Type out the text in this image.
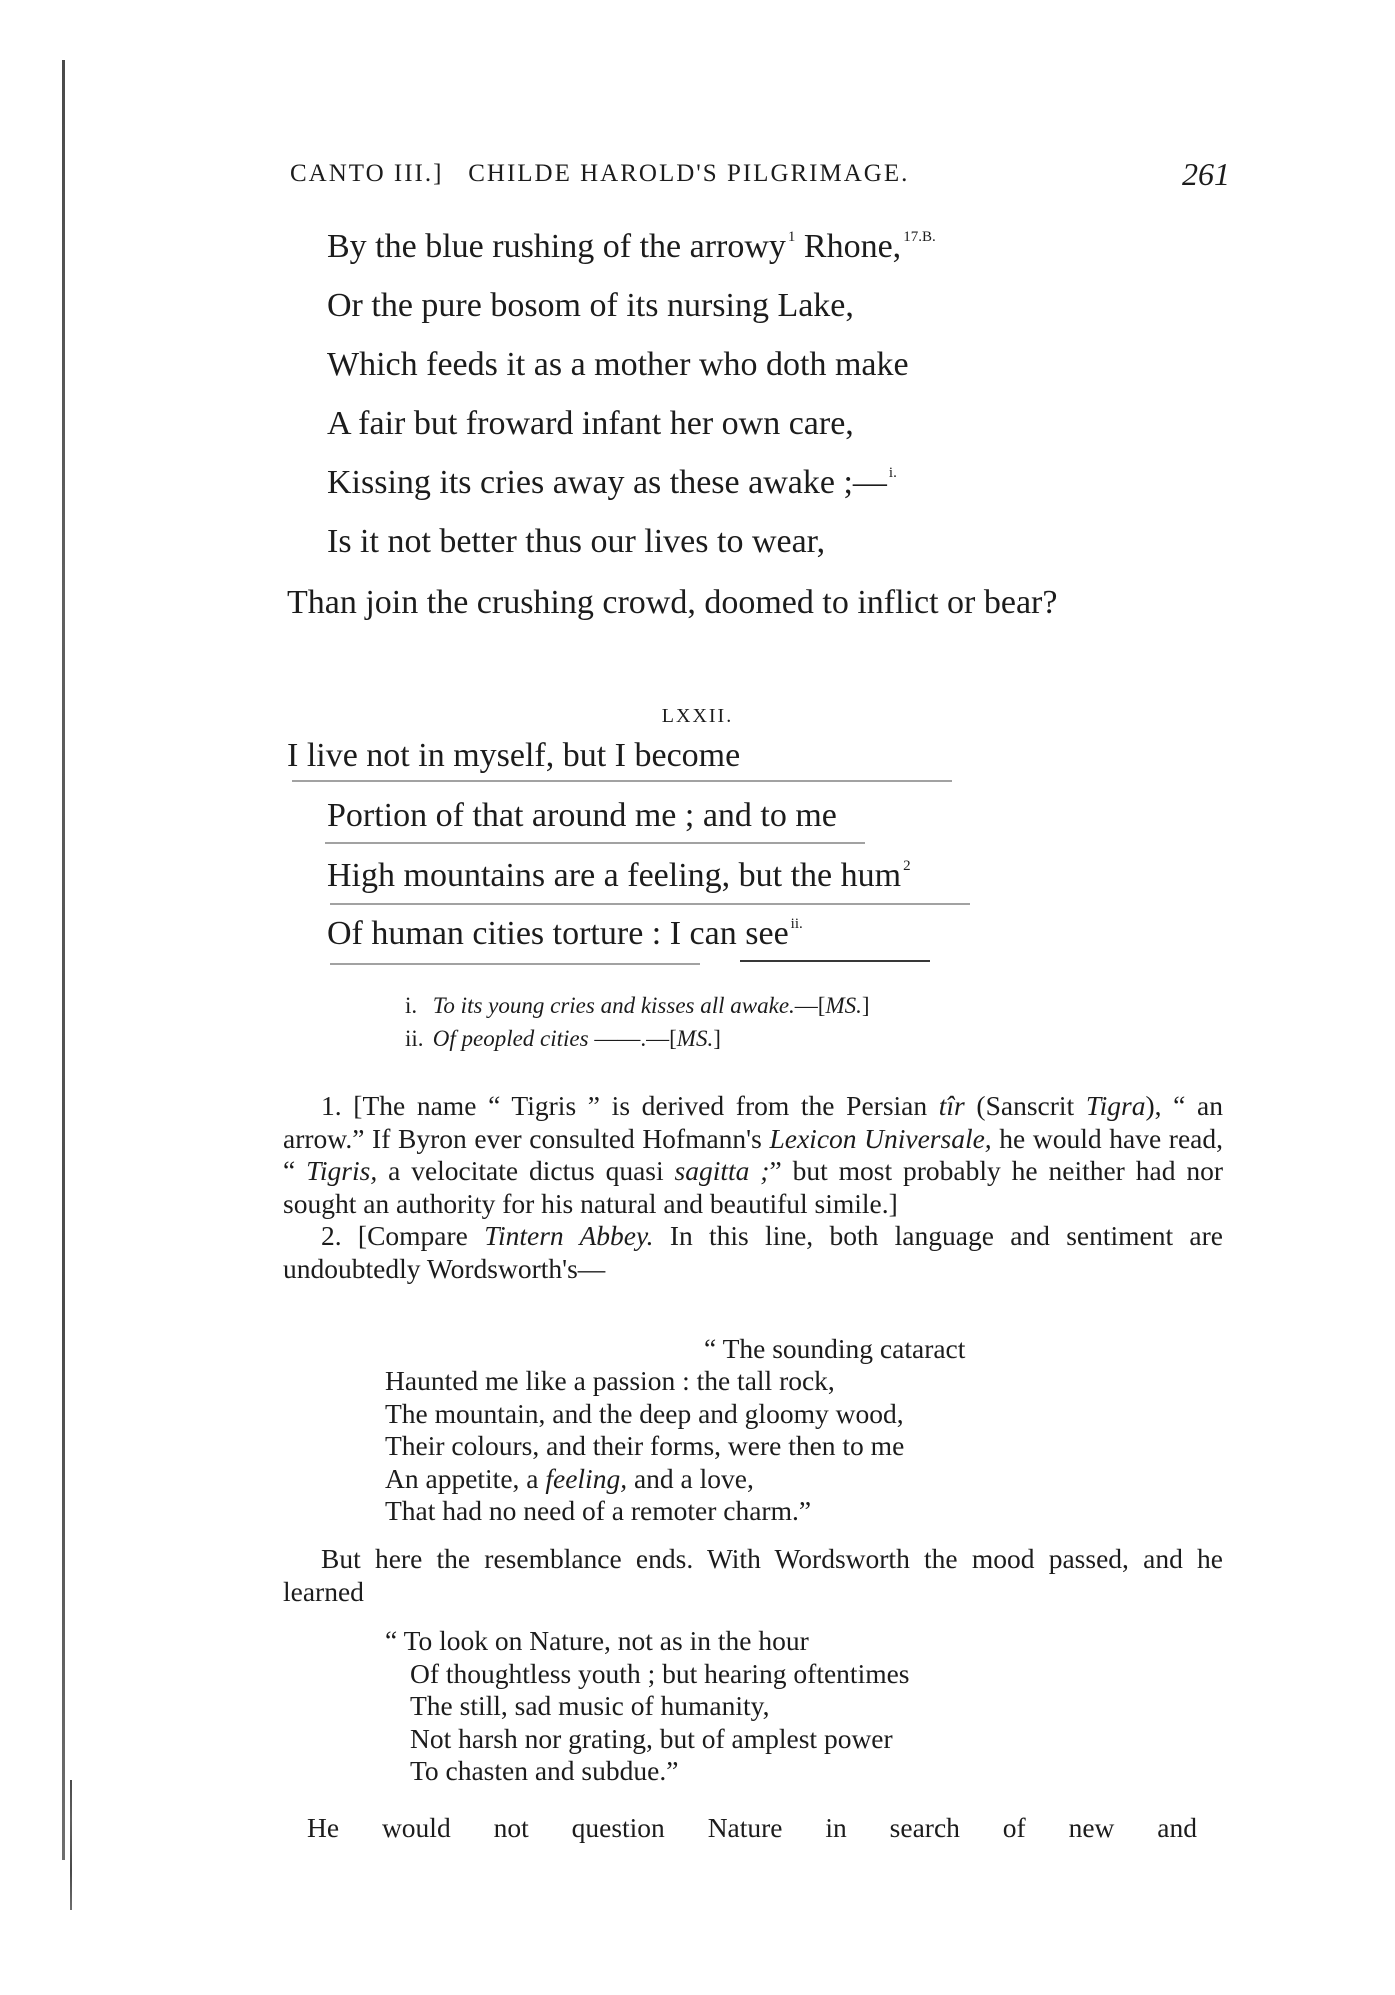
CANTO III.] CHILDE HAROLD'S PILGRIMAGE.	261
By the blue rushing of the arrowy $^1$ Rhone, $^{17.B.}$
Or the pure bosom of its nursing Lake,
Which feeds it as a mother who doth make
A fair but froward infant her own care,
Kissing its cries away as these awake ;— $^{i.}$
Is it not better thus our lives to wear,
Than join the crushing crowd, doomed to inflict or bear?
LXXII.
I live not in myself, but I become
Portion of that around me ; and to me
High mountains are a feeling, but the hum $^2$
Of human cities torture : I can see $^{ii.}$
i. To its young cries and kisses all awake.—[MS.]
ii. Of peopled cities ——.—[MS.]

1. [The name “ Tigris ” is derived from the Persian tîr (Sanscrit Tigra), “ an arrow.” If Byron ever consulted Hofmann's Lexicon Universale, he would have read, “ Tigris, a velocitate dictus quasi sagitta ;” but most probably he neither had nor sought an authority for his natural and beautiful simile.]

2. [Compare Tintern Abbey. In this line, both language and sentiment are undoubtedly Wordsworth's—

“ The sounding cataract
Haunted me like a passion : the tall rock,
The mountain, and the deep and gloomy wood,
Their colours, and their forms, were then to me
An appetite, a feeling, and a love,
That had no need of a remoter charm.”

But here the resemblance ends. With Wordsworth the mood passed, and he learned

“ To look on Nature, not as in the hour
Of thoughtless youth ; but hearing oftentimes
The still, sad music of humanity,
Not harsh nor grating, but of amplest power
To chasten and subdue.”
He would not question Nature in search of new and
